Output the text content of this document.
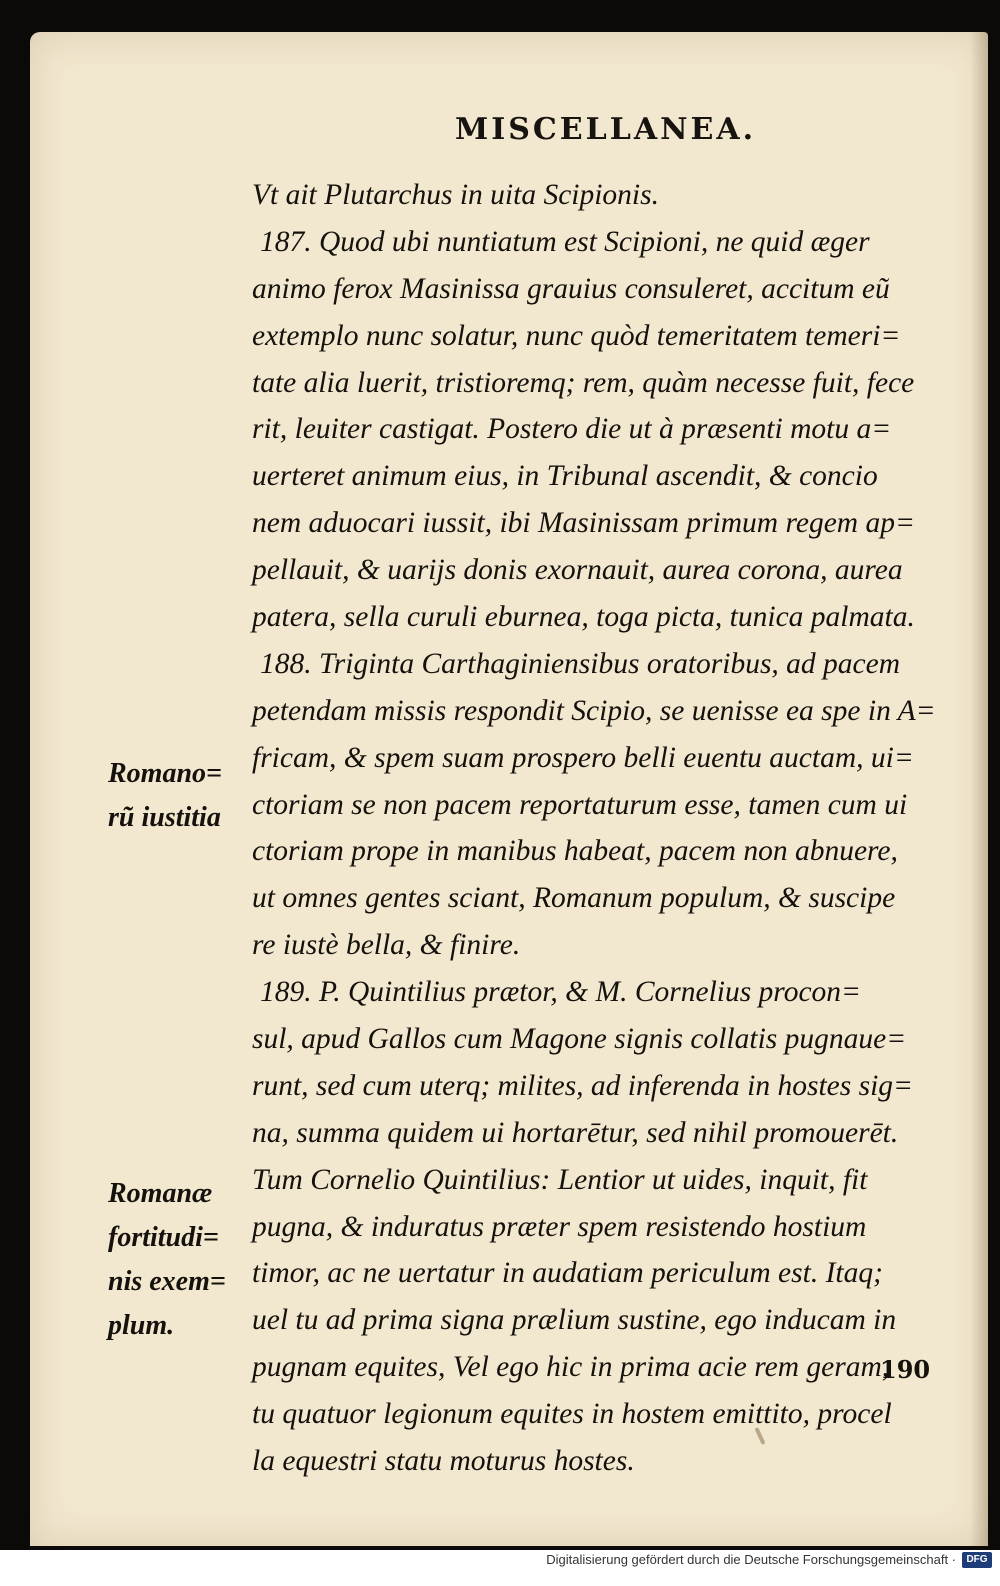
MISCELLANEA.
Vt ait Plutarchus in uita Scipionis.
187. Quod ubi nuntiatum est Scipioni, ne quid æger
animo ferox Masinissa grauius consuleret, accitum eũ
extemplo nunc solatur, nunc quòd temeritatem temeri=
tate alia luerit, tristioremq; rem, quàm necesse fuit, fece
rit, leuiter castigat. Postero die ut à præsenti motu a=
uerteret animum eius, in Tribunal ascendit, & concio
nem aduocari iussit, ibi Masinissam primum regem ap=
pellauit, & uarijs donis exornauit, aurea corona, aurea
patera, sella curuli eburnea, toga picta, tunica palmata.
188. Triginta Carthaginiensibus oratoribus, ad pacem
petendam missis respondit Scipio, se uenisse ea spe in A=
fricam, & spem suam prospero belli euentu auctam, ui=
ctoriam se non pacem reportaturum esse, tamen cum ui
ctoriam prope in manibus habeat, pacem non abnuere,
ut omnes gentes sciant, Romanum populum, & suscipe
re iustè bella, & finire.
189. P. Quintilius prætor, & M. Cornelius procon=
sul, apud Gallos cum Magone signis collatis pugnaue=
runt, sed cum uterq; milites, ad inferenda in hostes sig=
na, summa quidem ui hortarētur, sed nihil promouerēt.
Tum Cornelio Quintilius: Lentior ut uides, inquit, fit
pugna, & induratus præter spem resistendo hostium
timor, ac ne uertatur in audatiam periculum est. Itaq;
uel tu ad prima signa prælium sustine, ego inducam in
pugnam equites, Vel ego hic in prima acie rem geram,
tu quatuor legionum equites in hostem emittito, procel
la equestri statu moturus hostes.
Romano=
rũ iustitia
Romanæ
fortitudi=
nis exem=
plum.
190
Digitalisierung gefördert durch die Deutsche Forschungsgemeinschaft ·	DFG
